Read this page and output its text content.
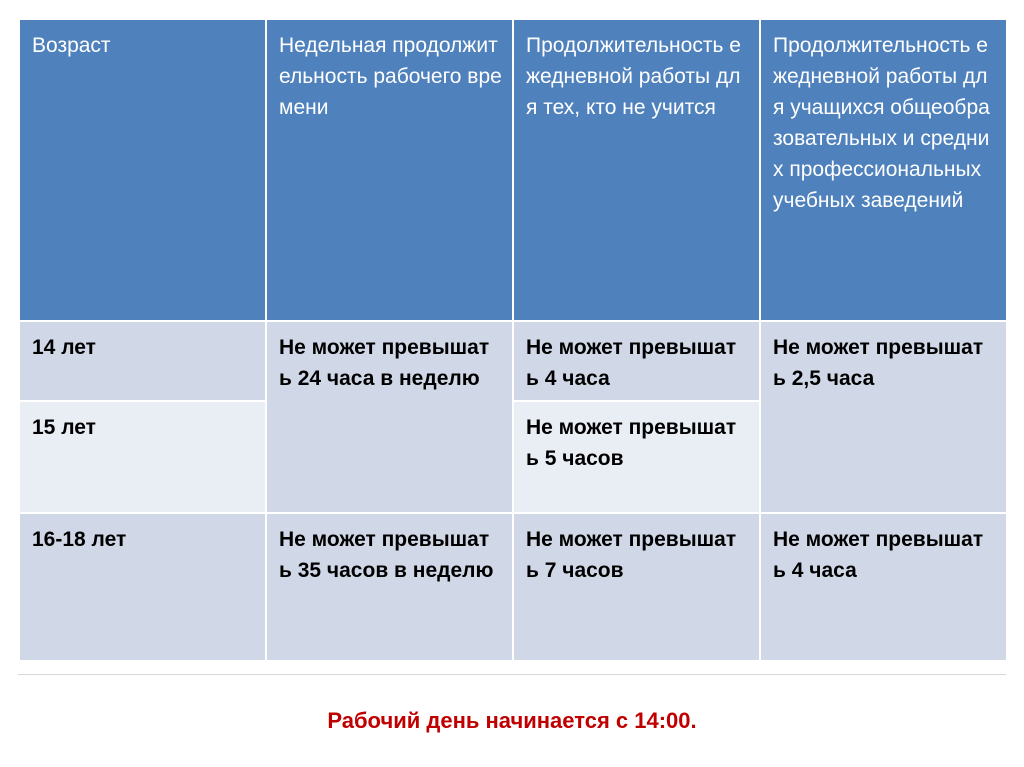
Возраст	Недельная продолжительность рабочего времени	Продолжительность ежедневной работы для тех, кто не учится	Продолжительность ежедневной работы для учащихся общеобразовательных и средних профессиональных учебных заведений
14 лет	Не может превышать 24 часа в неделю	Не может превышать 4 часа	Не может превышать 2,5 часа
15 лет		Не может превышать 5 часов	
16-18 лет	Не может превышать 35 часов в неделю	Не может превышать 7 часов	Не может превышать 4 часа
Рабочий день начинается с 14:00.
